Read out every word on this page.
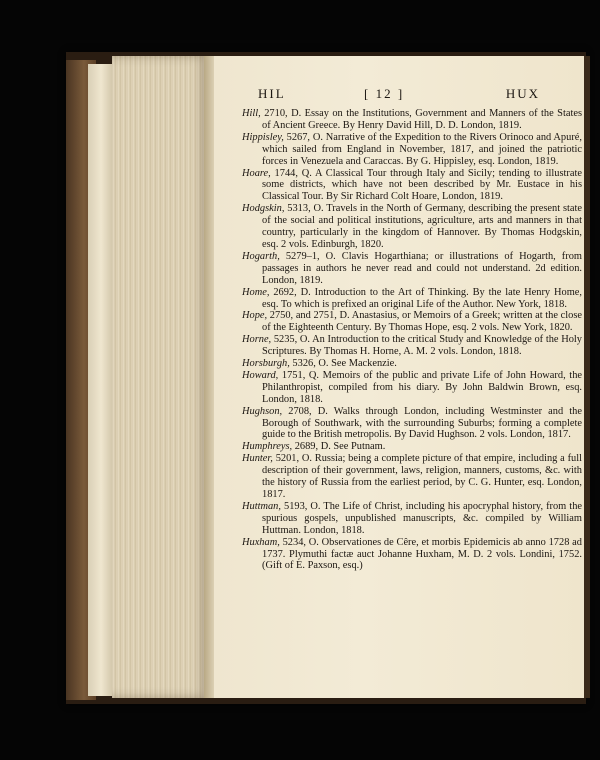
HIL	[ 12 ]	HUX
Hill, 2710, D. Essay on the Institutions, Government and Manners of the States of Ancient Greece. By Henry David Hill, D. D. London, 1819.
Hippisley, 5267, O. Narrative of the Expedition to the Rivers Orinoco and Apuré, which sailed from England in November, 1817, and joined the patriotic forces in Venezuela and Caraccas. By G. Hippisley, esq. London, 1819.
Hoare, 1744, Q. A Classical Tour through Italy and Sicily; tending to illustrate some districts, which have not been described by Mr. Eustace in his Classical Tour. By Sir Richard Colt Hoare, London, 1819.
Hodgskin, 5313, O. Travels in the North of Germany, describing the present state of the social and political institutions, agriculture, arts and manners in that country, particularly in the kingdom of Hannover. By Thomas Hodgskin, esq. 2 vols. Edinburgh, 1820.
Hogarth, 5279–1, O. Clavis Hogarthiana; or illustrations of Hogarth, from passages in authors he never read and could not understand. 2d edition. London, 1819.
Home, 2692, D. Introduction to the Art of Thinking. By the late Henry Home, esq. To which is prefixed an original Life of the Author. New York, 1818.
Hope, 2750, and 2751, D. Anastasius, or Memoirs of a Greek; written at the close of the Eighteenth Century. By Thomas Hope, esq. 2 vols. New York, 1820.
Horne, 5235, O. An Introduction to the critical Study and Knowledge of the Holy Scriptures. By Thomas H. Horne, A. M. 2 vols. London, 1818.
Horsburgh, 5326, O. See Mackenzie.
Howard, 1751, Q. Memoirs of the public and private Life of John Howard, the Philanthropist, compiled from his diary. By John Baldwin Brown, esq. London, 1818.
Hughson, 2708, D. Walks through London, including Westminster and the Borough of Southwark, with the surrounding Suburbs; forming a complete guide to the British metropolis. By David Hughson. 2 vols. London, 1817.
Humphreys, 2689, D. See Putnam.
Hunter, 5201, O. Russia; being a complete picture of that empire, including a full description of their government, laws, religion, manners, customs, &c. with the history of Russia from the earliest period, by C. G. Hunter, esq. London, 1817.
Huttman, 5193, O. The Life of Christ, including his apocryphal history, from the spurious gospels, unpublished manuscripts, &c. compiled by William Huttman. London, 1818.
Huxham, 5234, O. Observationes de Cêre, et morbis Epidemicis ab anno 1728 ad 1737. Plymuthi factæ auct Johanne Huxham, M. D. 2 vols. Londini, 1752. (Gift of E. Paxson, esq.)
